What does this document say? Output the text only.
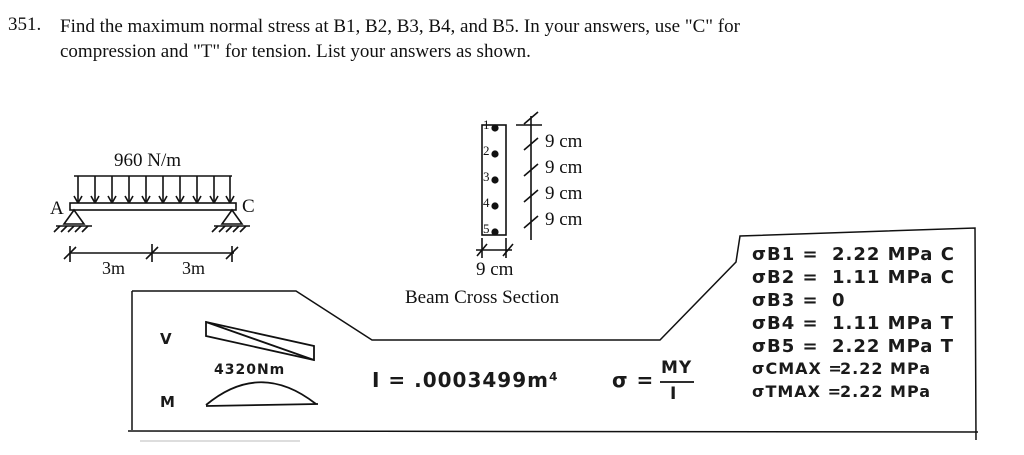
351. Find the maximum normal stress at B1, B2, B3, B4, and B5. In your answers, use "C" for
compression and "T" for tension. List your answers as shown.
960 N/m
A	C
3m	3m
1
2
3
4
5
9 cm
9 cm
9 cm
9 cm
9 cm
Beam Cross Section
V
M
4320Nm	I = .0003499m⁴	σ = MY
I
σB1 = 2.22 MPa C
σB2 = 1.11 MPa C
σB3 = 0
σB4 = 1.11 MPa T
σB5 = 2.22 MPa T
σCMAX =
2.22 MPa
σTMAX =
2.22 MPa
